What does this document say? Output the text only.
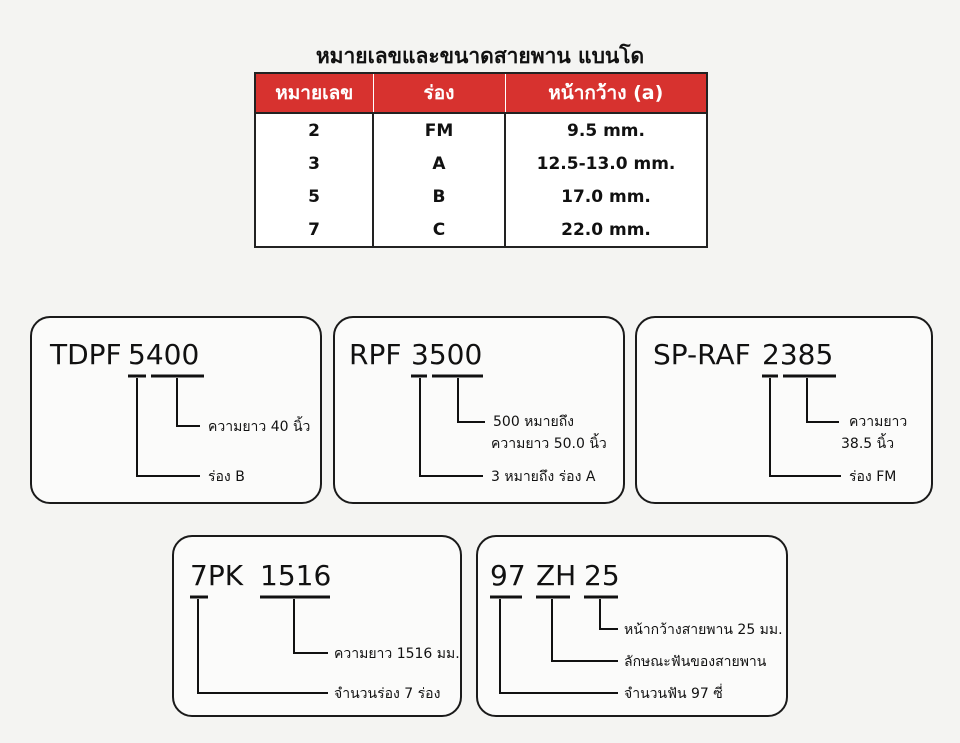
หมายเลขและขนาดสายพาน แบนโด
หมายเลข	ร่อง	หน้ากว้าง (a)
2	FM	9.5 mm.
3	A	12.5-13.0 mm.
5	B	17.0 mm.
7	C	22.0 mm.
TDPF 5400
ความยาว 40 นิ้ว
ร่อง B
RPF 3500
500 หมายถึง
ความยาว 50.0 นิ้ว
3 หมายถึง ร่อง A
SP-RAF 2385
ความยาว
38.5 นิ้ว
ร่อง FM
7PK 1516
ความยาว 1516 มม.
จำนวนร่อง 7 ร่อง
97 ZH 25
หน้ากว้างสายพาน 25 มม.
ลักษณะฟันของสายพาน
จำนวนฟัน 97 ซี่
